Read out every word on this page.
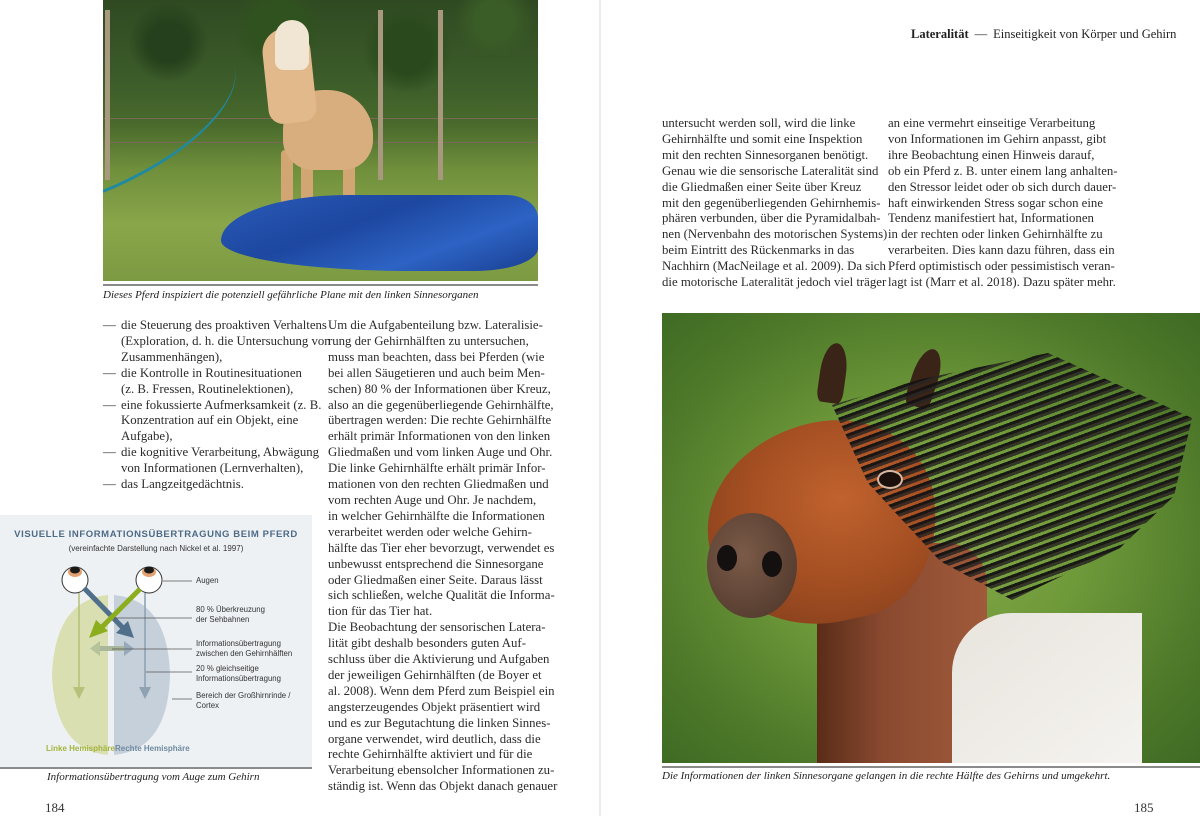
Lateralität — Einseitigkeit von Körper und Gehirn
Dieses Pferd inspiziert die potenziell gefährliche Plane mit den linken Sinnesorganen
— die Steuerung des proaktiven Verhaltens
(Exploration, d. h. die Untersuchung von
Zusammenhängen),
— die Kontrolle in Routinesituationen
(z. B. Fressen, Routinelektionen),
— eine fokussierte Aufmerksamkeit (z. B.
Konzentration auf ein Objekt, eine
Aufgabe),
— die kognitive Verarbeitung, Abwägung
von Informationen (Lernverhalten),
— das Langzeitgedächtnis.
Um die Aufgabenteilung bzw. Lateralisie-
rung der Gehirnhälften zu untersuchen,
muss man beachten, dass bei Pferden (wie
bei allen Säugetieren und auch beim Men-
schen) 80 % der Informationen über Kreuz,
also an die gegenüberliegende Gehirnhälfte,
übertragen werden: Die rechte Gehirnhälfte
erhält primär Informationen von den linken
Gliedmaßen und vom linken Auge und Ohr.
Die linke Gehirnhälfte erhält primär Infor-
mationen von den rechten Gliedmaßen und
vom rechten Auge und Ohr. Je nachdem,
in welcher Gehirnhälfte die Informationen
verarbeitet werden oder welche Gehirn-
hälfte das Tier eher bevorzugt, verwendet es
unbewusst entsprechend die Sinnesorgane
oder Gliedmaßen einer Seite. Daraus lässt
sich schließen, welche Qualität die Informa-
tion für das Tier hat.
Die Beobachtung der sensorischen Latera-
lität gibt deshalb besonders guten Auf-
schluss über die Aktivierung und Aufgaben
der jeweiligen Gehirnhälften (de Boyer et
al. 2008). Wenn dem Pferd zum Beispiel ein
angsterzeugendes Objekt präsentiert wird
und es zur Begutachtung die linken Sinnes-
organe verwendet, wird deutlich, dass die
rechte Gehirnhälfte aktiviert und für die
Verarbeitung ebensolcher Informationen zu-
ständig ist. Wenn das Objekt danach genauer
VISUELLE INFORMATIONSÜBERTRAGUNG BEIM PFERD
(vereinfachte Darstellung nach Nickel et al. 1997)
Augen
80 % Überkreuzung
der Sehbahnen
Informationsübertragung
zwischen den Gehirnhälften
20 % gleichseitige
Informationsübertragung
Bereich der Großhirnrinde /
Cortex
Linke Hemisphäre Rechte Hemisphäre
Informationsübertragung vom Auge zum Gehirn
184
untersucht werden soll, wird die linke
Gehirnhälfte und somit eine Inspektion
mit den rechten Sinnesorganen benötigt.
Genau wie die sensorische Lateralität sind
die Gliedmaßen einer Seite über Kreuz
mit den gegenüberliegenden Gehirnhemis-
phären verbunden, über die Pyramidalbah-
nen (Nervenbahn des motorischen Systems)
beim Eintritt des Rückenmarks in das
Nachhirn (MacNeilage et al. 2009). Da sich
die motorische Lateralität jedoch viel träger
an eine vermehrt einseitige Verarbeitung
von Informationen im Gehirn anpasst, gibt
ihre Beobachtung einen Hinweis darauf,
ob ein Pferd z. B. unter einem lang anhalten-
den Stressor leidet oder ob sich durch dauer-
haft einwirkenden Stress sogar schon eine
Tendenz manifestiert hat, Informationen
in der rechten oder linken Gehirnhälfte zu
verarbeiten. Dies kann dazu führen, dass ein
Pferd optimistisch oder pessimistisch veran-
lagt ist (Marr et al. 2018). Dazu später mehr.
Die Informationen der linken Sinnesorgane gelangen in die rechte Hälfte des Gehirns und umgekehrt.
185
